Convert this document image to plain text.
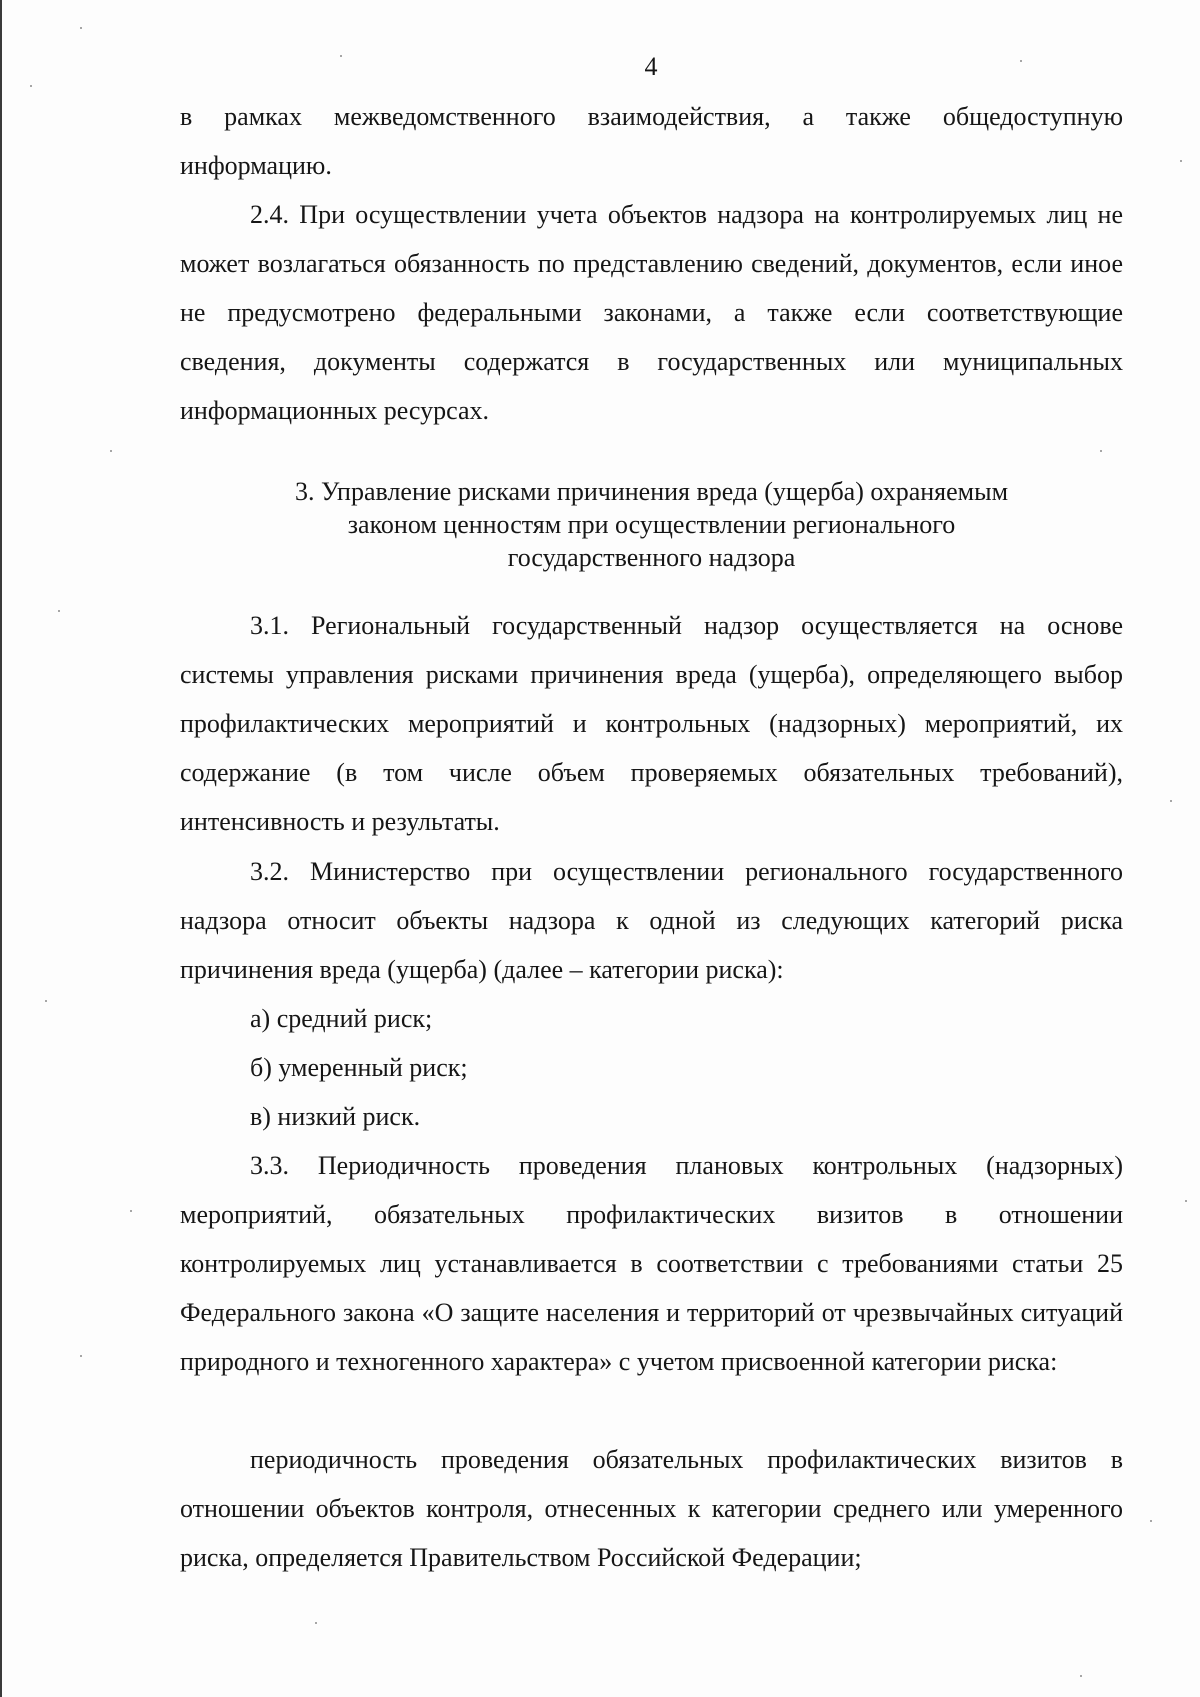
4

в рамках межведомственного взаимодействия, а также общедоступную информацию.

2.4. При осуществлении учета объектов надзора на контролируемых лиц не может возлагаться обязанность по представлению сведений, документов, если иное не предусмотрено федеральными законами, а также если соответствующие сведения, документы содержатся в государственных или муниципальных информационных ресурсах.

3. Управление рисками причинения вреда (ущерба) охраняемым
законом ценностям при осуществлении регионального
государственного надзора

3.1. Региональный государственный надзор осуществляется на основе системы управления рисками причинения вреда (ущерба), определяющего выбор профилактических мероприятий и контрольных (надзорных) мероприятий, их содержание (в том числе объем проверяемых обязательных требований), интенсивность и результаты.

3.2. Министерство при осуществлении регионального государственного надзора относит объекты надзора к одной из следующих категорий риска причинения вреда (ущерба) (далее – категории риска):

а) средний риск;

б) умеренный риск;

в) низкий риск.

3.3. Периодичность проведения плановых контрольных (надзорных) мероприятий, обязательных профилактических визитов в отношении контролируемых лиц устанавливается в соответствии с требованиями статьи 25 Федерального закона «О защите населения и территорий от чрезвычайных ситуаций природного и техногенного характера» с учетом присвоенной категории риска:

периодичность проведения обязательных профилактических визитов в отношении объектов контроля, отнесенных к категории среднего или умеренного риска, определяется Правительством Российской Федерации;
